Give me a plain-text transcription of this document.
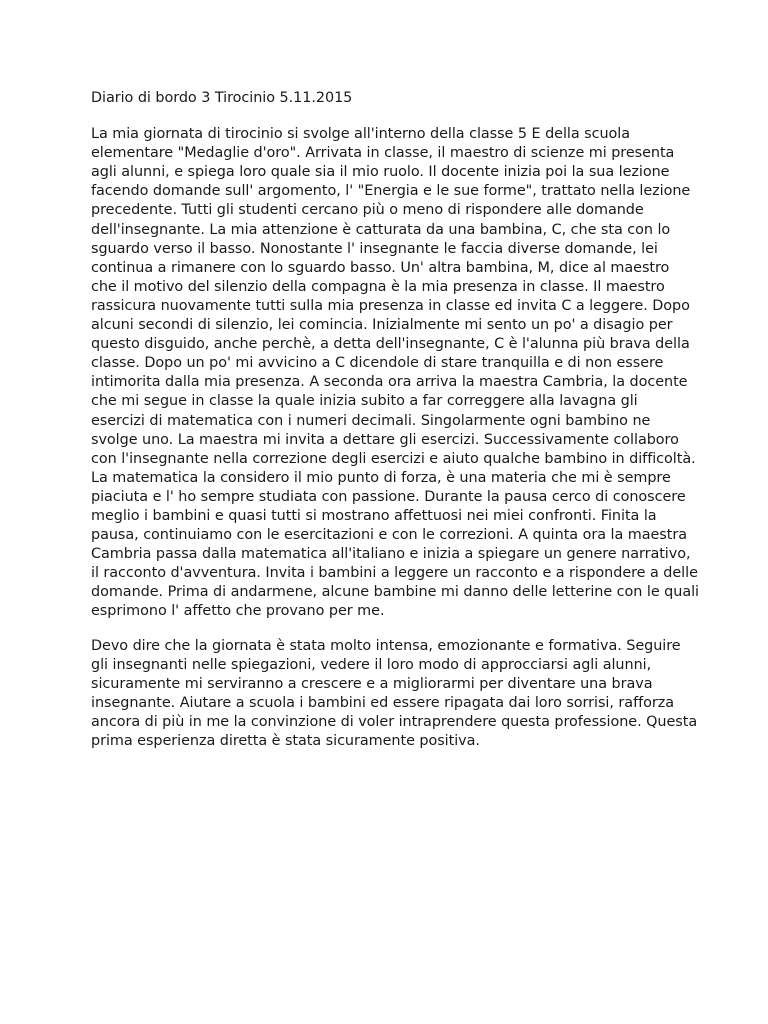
Diario di bordo 3 Tirocinio 5.11.2015

La mia giornata di tirocinio si svolge all'interno della classe 5 E della scuola
elementare "Medaglie d'oro". Arrivata in classe, il maestro di scienze mi presenta
agli alunni, e spiega loro quale sia il mio ruolo. Il docente inizia poi la sua lezione
facendo domande sull' argomento, l' "Energia e le sue forme", trattato nella lezione
precedente. Tutti gli studenti cercano più o meno di rispondere alle domande
dell'insegnante. La mia attenzione è catturata da una bambina, C, che sta con lo
sguardo verso il basso. Nonostante l' insegnante le faccia diverse domande, lei
continua a rimanere con lo sguardo basso. Un' altra bambina, M, dice al maestro
che il motivo del silenzio della compagna è la mia presenza in classe. Il maestro
rassicura nuovamente tutti sulla mia presenza in classe ed invita C a leggere. Dopo
alcuni secondi di silenzio, lei comincia. Inizialmente mi sento un po' a disagio per
questo disguido, anche perchè, a detta dell'insegnante, C è l'alunna più brava della
classe. Dopo un po' mi avvicino a C dicendole di stare tranquilla e di non essere
intimorita dalla mia presenza. A seconda ora arriva la maestra Cambria, la docente
che mi segue in classe la quale inizia subito a far correggere alla lavagna gli
esercizi di matematica con i numeri decimali. Singolarmente ogni bambino ne
svolge uno. La maestra mi invita a dettare gli esercizi. Successivamente collaboro
con l'insegnante nella correzione degli esercizi e aiuto qualche bambino in difficoltà.
La matematica la considero il mio punto di forza, è una materia che mi è sempre
piaciuta e l' ho sempre studiata con passione. Durante la pausa cerco di conoscere
meglio i bambini e quasi tutti si mostrano affettuosi nei miei confronti. Finita la
pausa, continuiamo con le esercitazioni e con le correzioni. A quinta ora la maestra
Cambria passa dalla matematica all'italiano e inizia a spiegare un genere narrativo,
il racconto d'avventura. Invita i bambini a leggere un racconto e a rispondere a delle
domande. Prima di andarmene, alcune bambine mi danno delle letterine con le quali
esprimono l' affetto che provano per me.

Devo dire che la giornata è stata molto intensa, emozionante e formativa. Seguire
gli insegnanti nelle spiegazioni, vedere il loro modo di approcciarsi agli alunni,
sicuramente mi serviranno a crescere e a migliorarmi per diventare una brava
insegnante. Aiutare a scuola i bambini ed essere ripagata dai loro sorrisi, rafforza
ancora di più in me la convinzione di voler intraprendere questa professione. Questa
prima esperienza diretta è stata sicuramente positiva.
